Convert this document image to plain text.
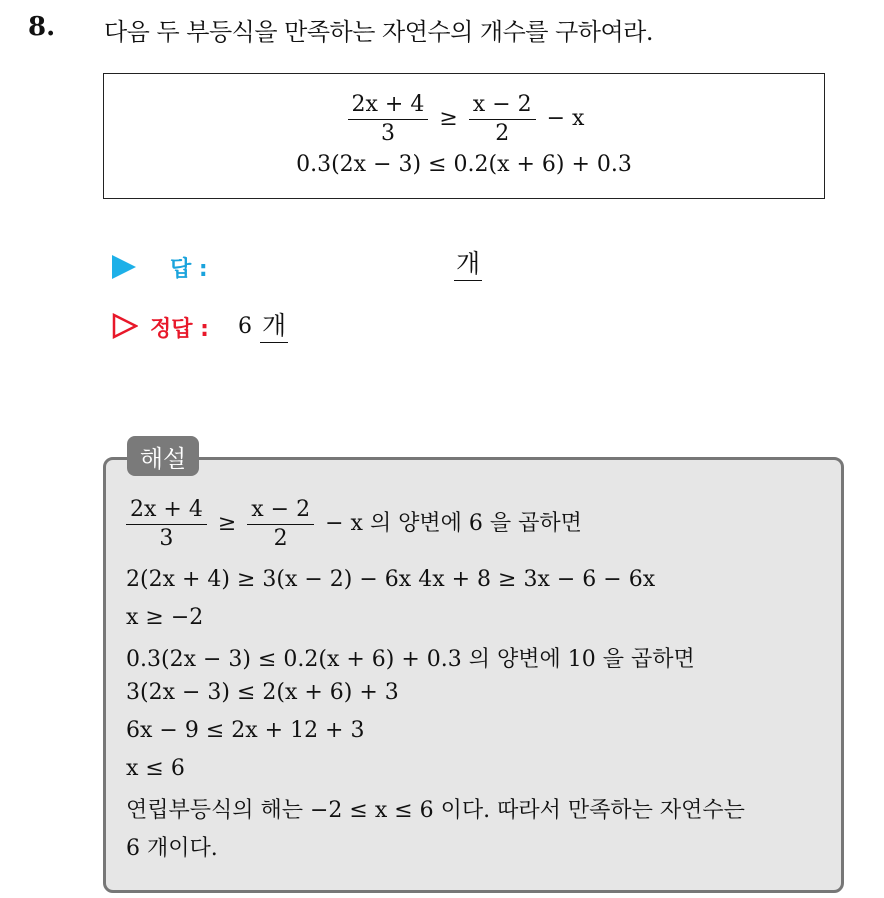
8. 다음 두 부등식을 만족하는 자연수의 개수를 구하여라.
$\frac{2x + 4}{3} \ge \frac{x - 2}{2} - x$
0.3(2x − 3) ≤ 0.2(x + 6) + 0.3
답 :	개
정답 : 6 개
해설
$\frac{2x + 4}{3} \ge \frac{x - 2}{2} - x$ 의 양변에 6 을 곱하면
2(2x + 4) ≥ 3(x − 2) − 6x 4x + 8 ≥ 3x − 6 − 6x
x ≥ −2
0.3(2x − 3) ≤ 0.2(x + 6) + 0.3 의 양변에 10 을 곱하면
3(2x − 3) ≤ 2(x + 6) + 3
6x − 9 ≤ 2x + 12 + 3
x ≤ 6
연립부등식의 해는 −2 ≤ x ≤ 6 이다. 따라서 만족하는 자연수는
6 개이다.
